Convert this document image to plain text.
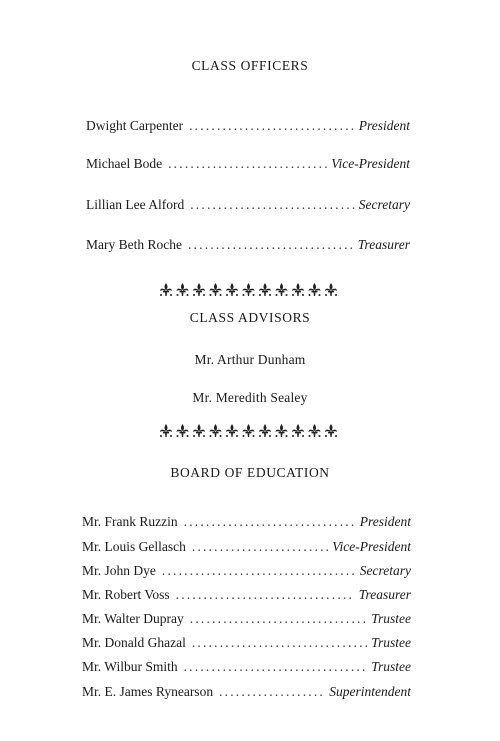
CLASS OFFICERS
Dwight Carpenter .....	President
Michael Bode .....	Vice-President
Lillian Lee Alford .....	Secretary
Mary Beth Roche .....	Treasurer
CLASS ADVISORS
Mr. Arthur Dunham
Mr. Meredith Sealey
BOARD OF EDUCATION
Mr. Frank Ruzzin .....	President
Mr. Louis Gellasch .....	Vice-President
Mr. John Dye .....	Secretary
Mr. Robert Voss .....	Treasurer
Mr. Walter Dupray .....	Trustee
Mr. Donald Ghazal .....	Trustee
Mr. Wilbur Smith .....	Trustee
Mr. E. James Rynearson .....	Superintendent
